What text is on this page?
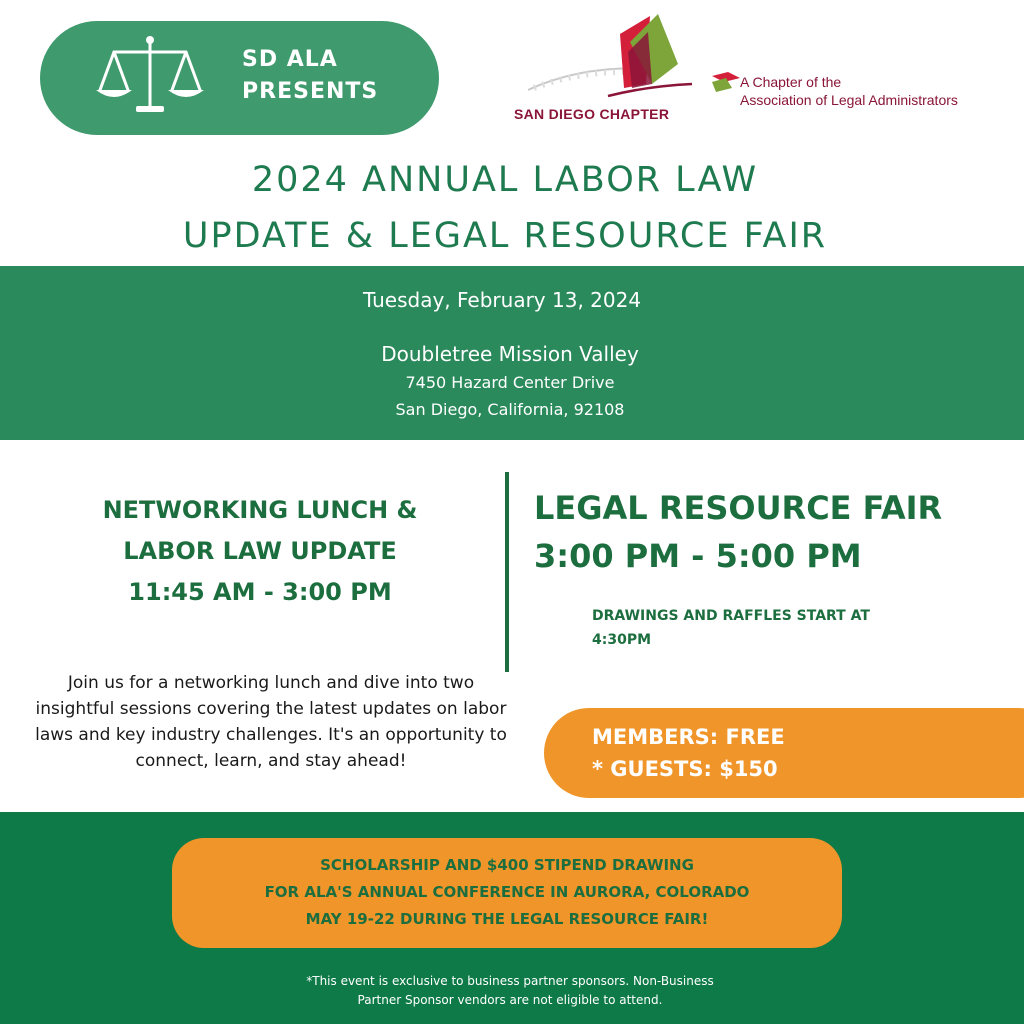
SD ALA
PRESENTS
SAN DIEGO CHAPTER
A Chapter of the
Association of Legal Administrators
2024 ANNUAL LABOR LAW
UPDATE & LEGAL RESOURCE FAIR
Tuesday, February 13, 2024
Doubletree Mission Valley
7450 Hazard Center Drive
San Diego, California, 92108
NETWORKING LUNCH &
LABOR LAW UPDATE
11:45 AM - 3:00 PM
Join us for a networking lunch and dive into two insightful sessions covering the latest updates on labor laws and key industry challenges. It's an opportunity to connect, learn, and stay ahead!
LEGAL RESOURCE FAIR
3:00 PM - 5:00 PM
DRAWINGS AND RAFFLES START AT 4:30PM
MEMBERS: FREE
* GUESTS: $150
SCHOLARSHIP AND $400 STIPEND DRAWING
FOR ALA'S ANNUAL CONFERENCE IN AURORA, COLORADO
MAY 19-22 DURING THE LEGAL RESOURCE FAIR!
*This event is exclusive to business partner sponsors. Non-Business
Partner Sponsor vendors are not eligible to attend.
